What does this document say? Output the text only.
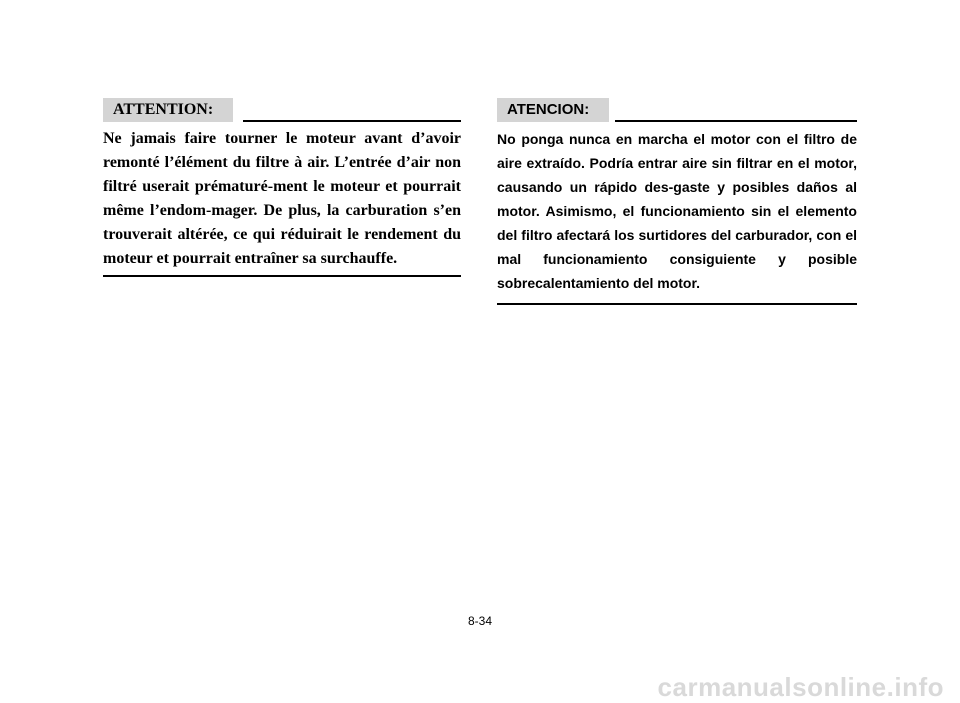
ATTENTION:

Ne jamais faire tourner le moteur avant d’avoir remonté l’élément du filtre à air. L’entrée d’air non filtré userait prématuré-ment le moteur et pourrait même l’endom-mager. De plus, la carburation s’en trouverait altérée, ce qui réduirait le rendement du moteur et pourrait entraîner sa surchauffe.

ATENCION:

No ponga nunca en marcha el motor con el filtro de aire extraído. Podría entrar aire sin filtrar en el motor, causando un rápido des-gaste y posibles daños al motor. Asimismo, el funcionamiento sin el elemento del filtro afectará los surtidores del carburador, con el mal funcionamiento consiguiente y posible sobrecalentamiento del motor.

8-34
carmanualsonline.info
